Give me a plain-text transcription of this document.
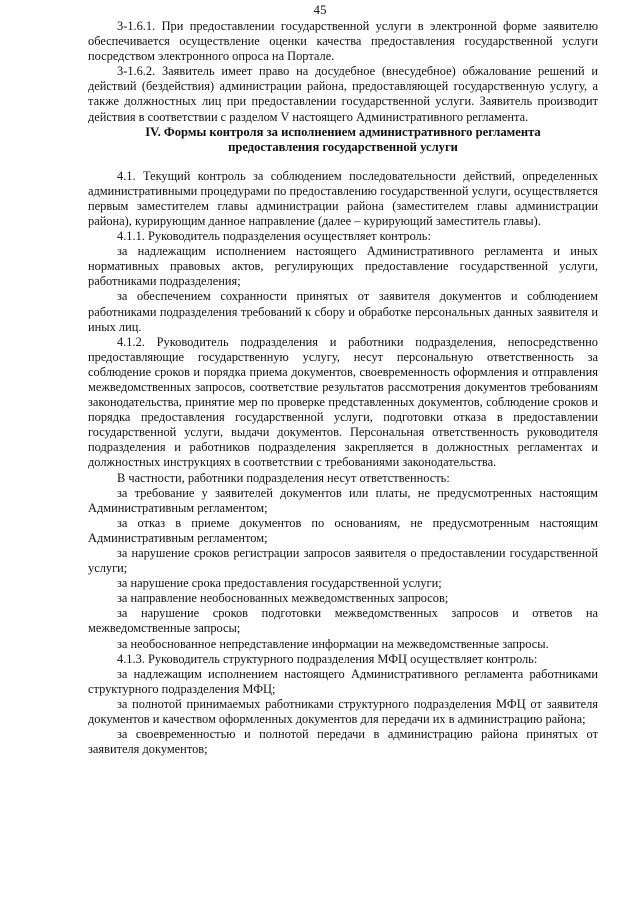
45

3-1.6.1. При предоставлении государственной услуги в электронной форме заявителю обеспечивается осуществление оценки качества предоставления государственной услуги посредством электронного опроса на Портале.

3-1.6.2. Заявитель имеет право на досудебное (внесудебное) обжалование решений и действий (бездействия) администрации района, предоставляющей государственную услугу, а также должностных лиц при предоставлении государственной услуги. Заявитель производит действия в соответствии с разделом V настоящего Административного регламента.

IV. Формы контроля за исполнением административного регламента
предоставления государственной услуги

4.1. Текущий контроль за соблюдением последовательности действий, определенных административными процедурами по предоставлению государственной услуги, осуществляется первым заместителем главы администрации района (заместителем главы администрации района), курирующим данное направление (далее – курирующий заместитель главы).

4.1.1. Руководитель подразделения осуществляет контроль:

за надлежащим исполнением настоящего Административного регламента и иных нормативных правовых актов, регулирующих предоставление государственной услуги, работниками подразделения;

за обеспечением сохранности принятых от заявителя документов и соблюдением работниками подразделения требований к сбору и обработке персональных данных заявителя и иных лиц.

4.1.2. Руководитель подразделения и работники подразделения, непосредственно предоставляющие государственную услугу, несут персональную ответственность за соблюдение сроков и порядка приема документов, своевременность оформления и отправления межведомственных запросов, соответствие результатов рассмотрения документов требованиям законодательства, принятие мер по проверке представленных документов, соблюдение сроков и порядка предоставления государственной услуги, подготовки отказа в предоставлении государственной услуги, выдачи документов. Персональная ответственность руководителя подразделения и работников подразделения закрепляется в должностных регламентах и должностных инструкциях в соответствии с требованиями законодательства.

В частности, работники подразделения несут ответственность:

за требование у заявителей документов или платы, не предусмотренных настоящим Административным регламентом;

за отказ в приеме документов по основаниям, не предусмотренным настоящим Административным регламентом;

за нарушение сроков регистрации запросов заявителя о предоставлении государственной услуги;

за нарушение срока предоставления государственной услуги;

за направление необоснованных межведомственных запросов;

за нарушение сроков подготовки межведомственных запросов и ответов на межведомственные запросы;

за необоснованное непредставление информации на межведомственные запросы.

4.1.3. Руководитель структурного подразделения МФЦ осуществляет контроль:

за надлежащим исполнением настоящего Административного регламента работниками структурного подразделения МФЦ;

за полнотой принимаемых работниками структурного подразделения МФЦ от заявителя документов и качеством оформленных документов для передачи их в администрацию района;

за своевременностью и полнотой передачи в администрацию района принятых от заявителя документов;
